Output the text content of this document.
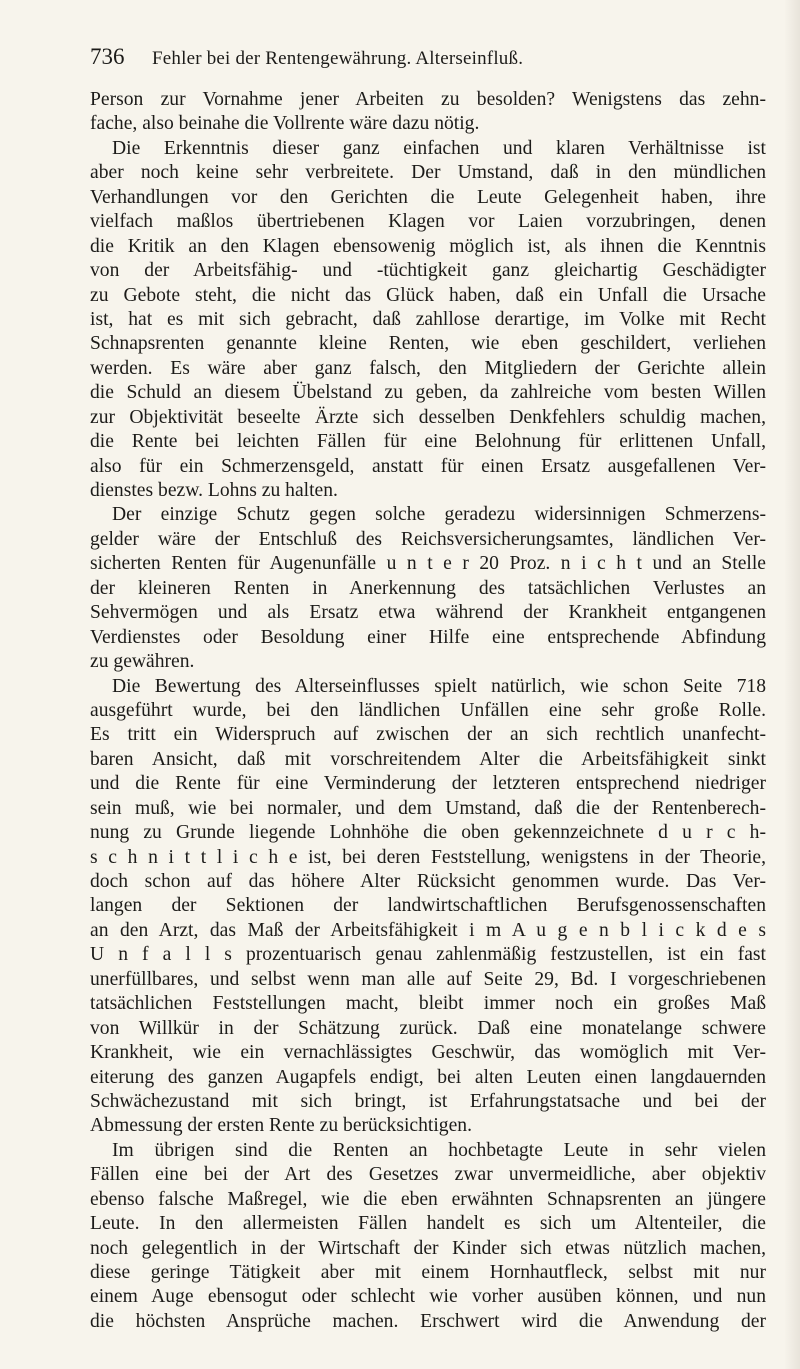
736	Fehler bei der Rentengewährung. Alterseinfluß.
Person zur Vornahme jener Arbeiten zu besolden? Wenigstens das zehn-
fache, also beinahe die Vollrente wäre dazu nötig.
Die Erkenntnis dieser ganz einfachen und klaren Verhältnisse ist
aber noch keine sehr verbreitete. Der Umstand, daß in den mündlichen
Verhandlungen vor den Gerichten die Leute Gelegenheit haben, ihre
vielfach maßlos übertriebenen Klagen vor Laien vorzubringen, denen
die Kritik an den Klagen ebensowenig möglich ist, als ihnen die Kenntnis
von der Arbeitsfähig- und -tüchtigkeit ganz gleichartig Geschädigter
zu Gebote steht, die nicht das Glück haben, daß ein Unfall die Ursache
ist, hat es mit sich gebracht, daß zahllose derartige, im Volke mit Recht
Schnapsrenten genannte kleine Renten, wie eben geschildert, verliehen
werden. Es wäre aber ganz falsch, den Mitgliedern der Gerichte allein
die Schuld an diesem Übelstand zu geben, da zahlreiche vom besten Willen
zur Objektivität beseelte Ärzte sich desselben Denkfehlers schuldig machen,
die Rente bei leichten Fällen für eine Belohnung für erlittenen Unfall,
also für ein Schmerzensgeld, anstatt für einen Ersatz ausgefallenen Ver-
dienstes bezw. Lohns zu halten.
Der einzige Schutz gegen solche geradezu widersinnigen Schmerzens-
gelder wäre der Entschluß des Reichsversicherungsamtes, ländlichen Ver-
sicherten Renten für Augenunfälle u n t e r 20 Proz. n i c h t und an Stelle
der kleineren Renten in Anerkennung des tatsächlichen Verlustes an
Sehvermögen und als Ersatz etwa während der Krankheit entgangenen
Verdienstes oder Besoldung einer Hilfe eine entsprechende Abfindung
zu gewähren.
Die Bewertung des Alterseinflusses spielt natürlich, wie schon Seite 718
ausgeführt wurde, bei den ländlichen Unfällen eine sehr große Rolle.
Es tritt ein Widerspruch auf zwischen der an sich rechtlich unanfecht-
baren Ansicht, daß mit vorschreitendem Alter die Arbeitsfähigkeit sinkt
und die Rente für eine Verminderung der letzteren entsprechend niedriger
sein muß, wie bei normaler, und dem Umstand, daß die der Rentenberech-
nung zu Grunde liegende Lohnhöhe die oben gekennzeichnete d u r c h-
s c h n i t t l i c h e ist, bei deren Feststellung, wenigstens in der Theorie,
doch schon auf das höhere Alter Rücksicht genommen wurde. Das Ver-
langen der Sektionen der landwirtschaftlichen Berufsgenossenschaften
an den Arzt, das Maß der Arbeitsfähigkeit i m A u g e n b l i c k d e s
U n f a l l s prozentuarisch genau zahlenmäßig festzustellen, ist ein fast
unerfüllbares, und selbst wenn man alle auf Seite 29, Bd. I vorgeschriebenen
tatsächlichen Feststellungen macht, bleibt immer noch ein großes Maß
von Willkür in der Schätzung zurück. Daß eine monatelange schwere
Krankheit, wie ein vernachlässigtes Geschwür, das womöglich mit Ver-
eiterung des ganzen Augapfels endigt, bei alten Leuten einen langdauernden
Schwächezustand mit sich bringt, ist Erfahrungstatsache und bei der
Abmessung der ersten Rente zu berücksichtigen.
Im übrigen sind die Renten an hochbetagte Leute in sehr vielen
Fällen eine bei der Art des Gesetzes zwar unvermeidliche, aber objektiv
ebenso falsche Maßregel, wie die eben erwähnten Schnapsrenten an jüngere
Leute. In den allermeisten Fällen handelt es sich um Altenteiler, die
noch gelegentlich in der Wirtschaft der Kinder sich etwas nützlich machen,
diese geringe Tätigkeit aber mit einem Hornhautfleck, selbst mit nur
einem Auge ebensogut oder schlecht wie vorher ausüben können, und nun
die höchsten Ansprüche machen. Erschwert wird die Anwendung der
